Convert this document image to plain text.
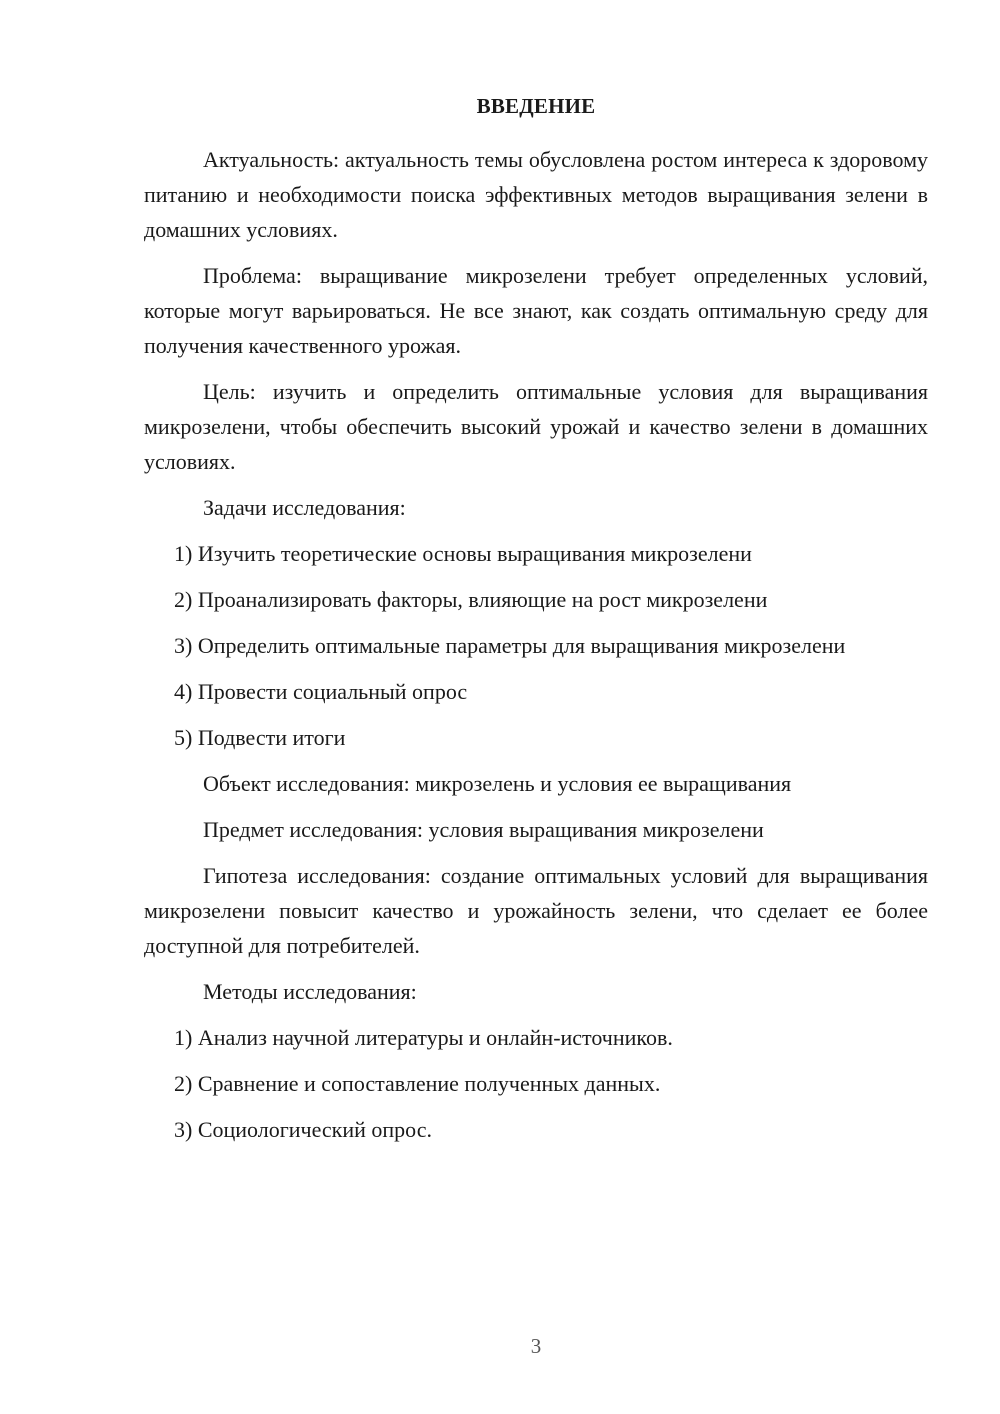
ВВЕДЕНИЕ

Актуальность: актуальность темы обусловлена ростом интереса к здоровому питанию и необходимости поиска эффективных методов выращивания зелени в домашних условиях.

Проблема: выращивание микрозелени требует определенных условий, которые могут варьироваться. Не все знают, как создать оптимальную среду для получения качественного урожая.

Цель: изучить и определить оптимальные условия для выращивания микрозелени, чтобы обеспечить высокий урожай и качество зелени в домашних условиях.

Задачи исследования:

1) Изучить теоретические основы выращивания микрозелени

2) Проанализировать факторы, влияющие на рост микрозелени

3) Определить оптимальные параметры для выращивания микрозелени

4) Провести социальный опрос

5) Подвести итоги

Объект исследования: микрозелень и условия ее выращивания

Предмет исследования: условия выращивания микрозелени

Гипотеза исследования: создание оптимальных условий для выращивания микрозелени повысит качество и урожайность зелени, что сделает ее более доступной для потребителей.

Методы исследования:

1) Анализ научной литературы и онлайн-источников.

2) Сравнение и сопоставление полученных данных.

3) Социологический опрос.

3
